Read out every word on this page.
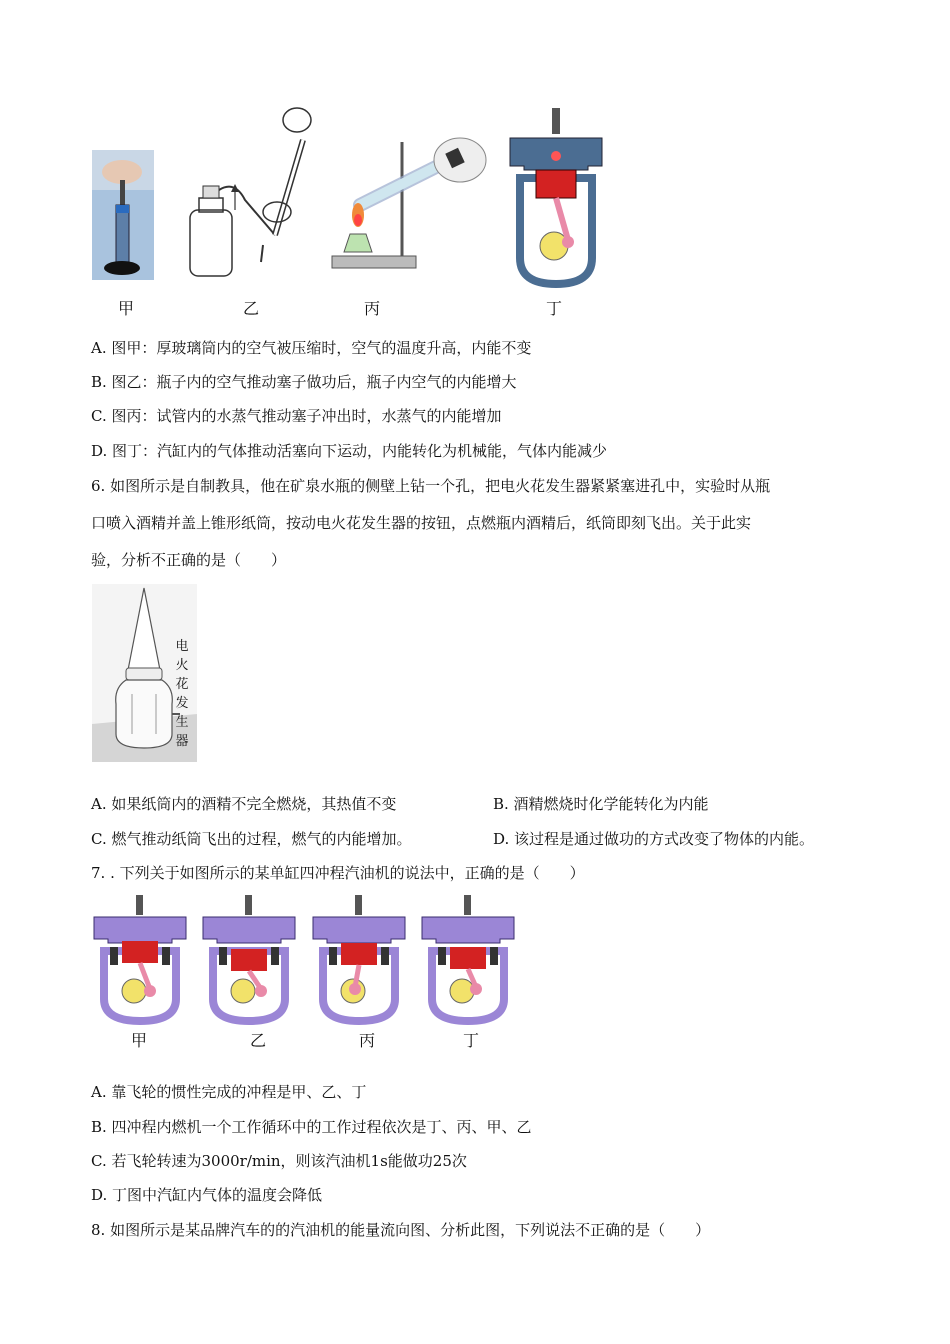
甲	乙	丙	丁
A. 图甲：厚玻璃筒内的空气被压缩时，空气的温度升高，内能不变
B. 图乙：瓶子内的空气推动塞子做功后，瓶子内空气的内能增大
C. 图丙：试管内的水蒸气推动塞子冲出时，水蒸气的内能增加
D. 图丁：汽缸内的气体推动活塞向下运动，内能转化为机械能，气体内能减少
6. 如图所示是自制教具，他在矿泉水瓶的侧壁上钻一个孔，把电火花发生器紧紧塞进孔中，实验时从瓶
口喷入酒精并盖上锥形纸筒，按动电火花发生器的按钮，点燃瓶内酒精后，纸筒即刻飞出。关于此实
验，分析不正确的是（　　）
电
火
花
发
生
器
A. 如果纸筒内的酒精不完全燃烧，其热值不变	B. 酒精燃烧时化学能转化为内能
C. 燃气推动纸筒飞出的过程，燃气的内能增加。	D. 该过程是通过做功的方式改变了物体的内能。
7. . 下列关于如图所示的某单缸四冲程汽油机的说法中，正确的是（　　）
甲	乙	丙	丁
A. 靠飞轮的惯性完成的冲程是甲、乙、丁
B. 四冲程内燃机一个工作循环中的工作过程依次是丁、丙、甲、乙
C. 若飞轮转速为3000r/min，则该汽油机1s能做功25次
D. 丁图中汽缸内气体的温度会降低
8. 如图所示是某品牌汽车的的汽油机的能量流向图、分析此图，下列说法不正确的是（　　）
